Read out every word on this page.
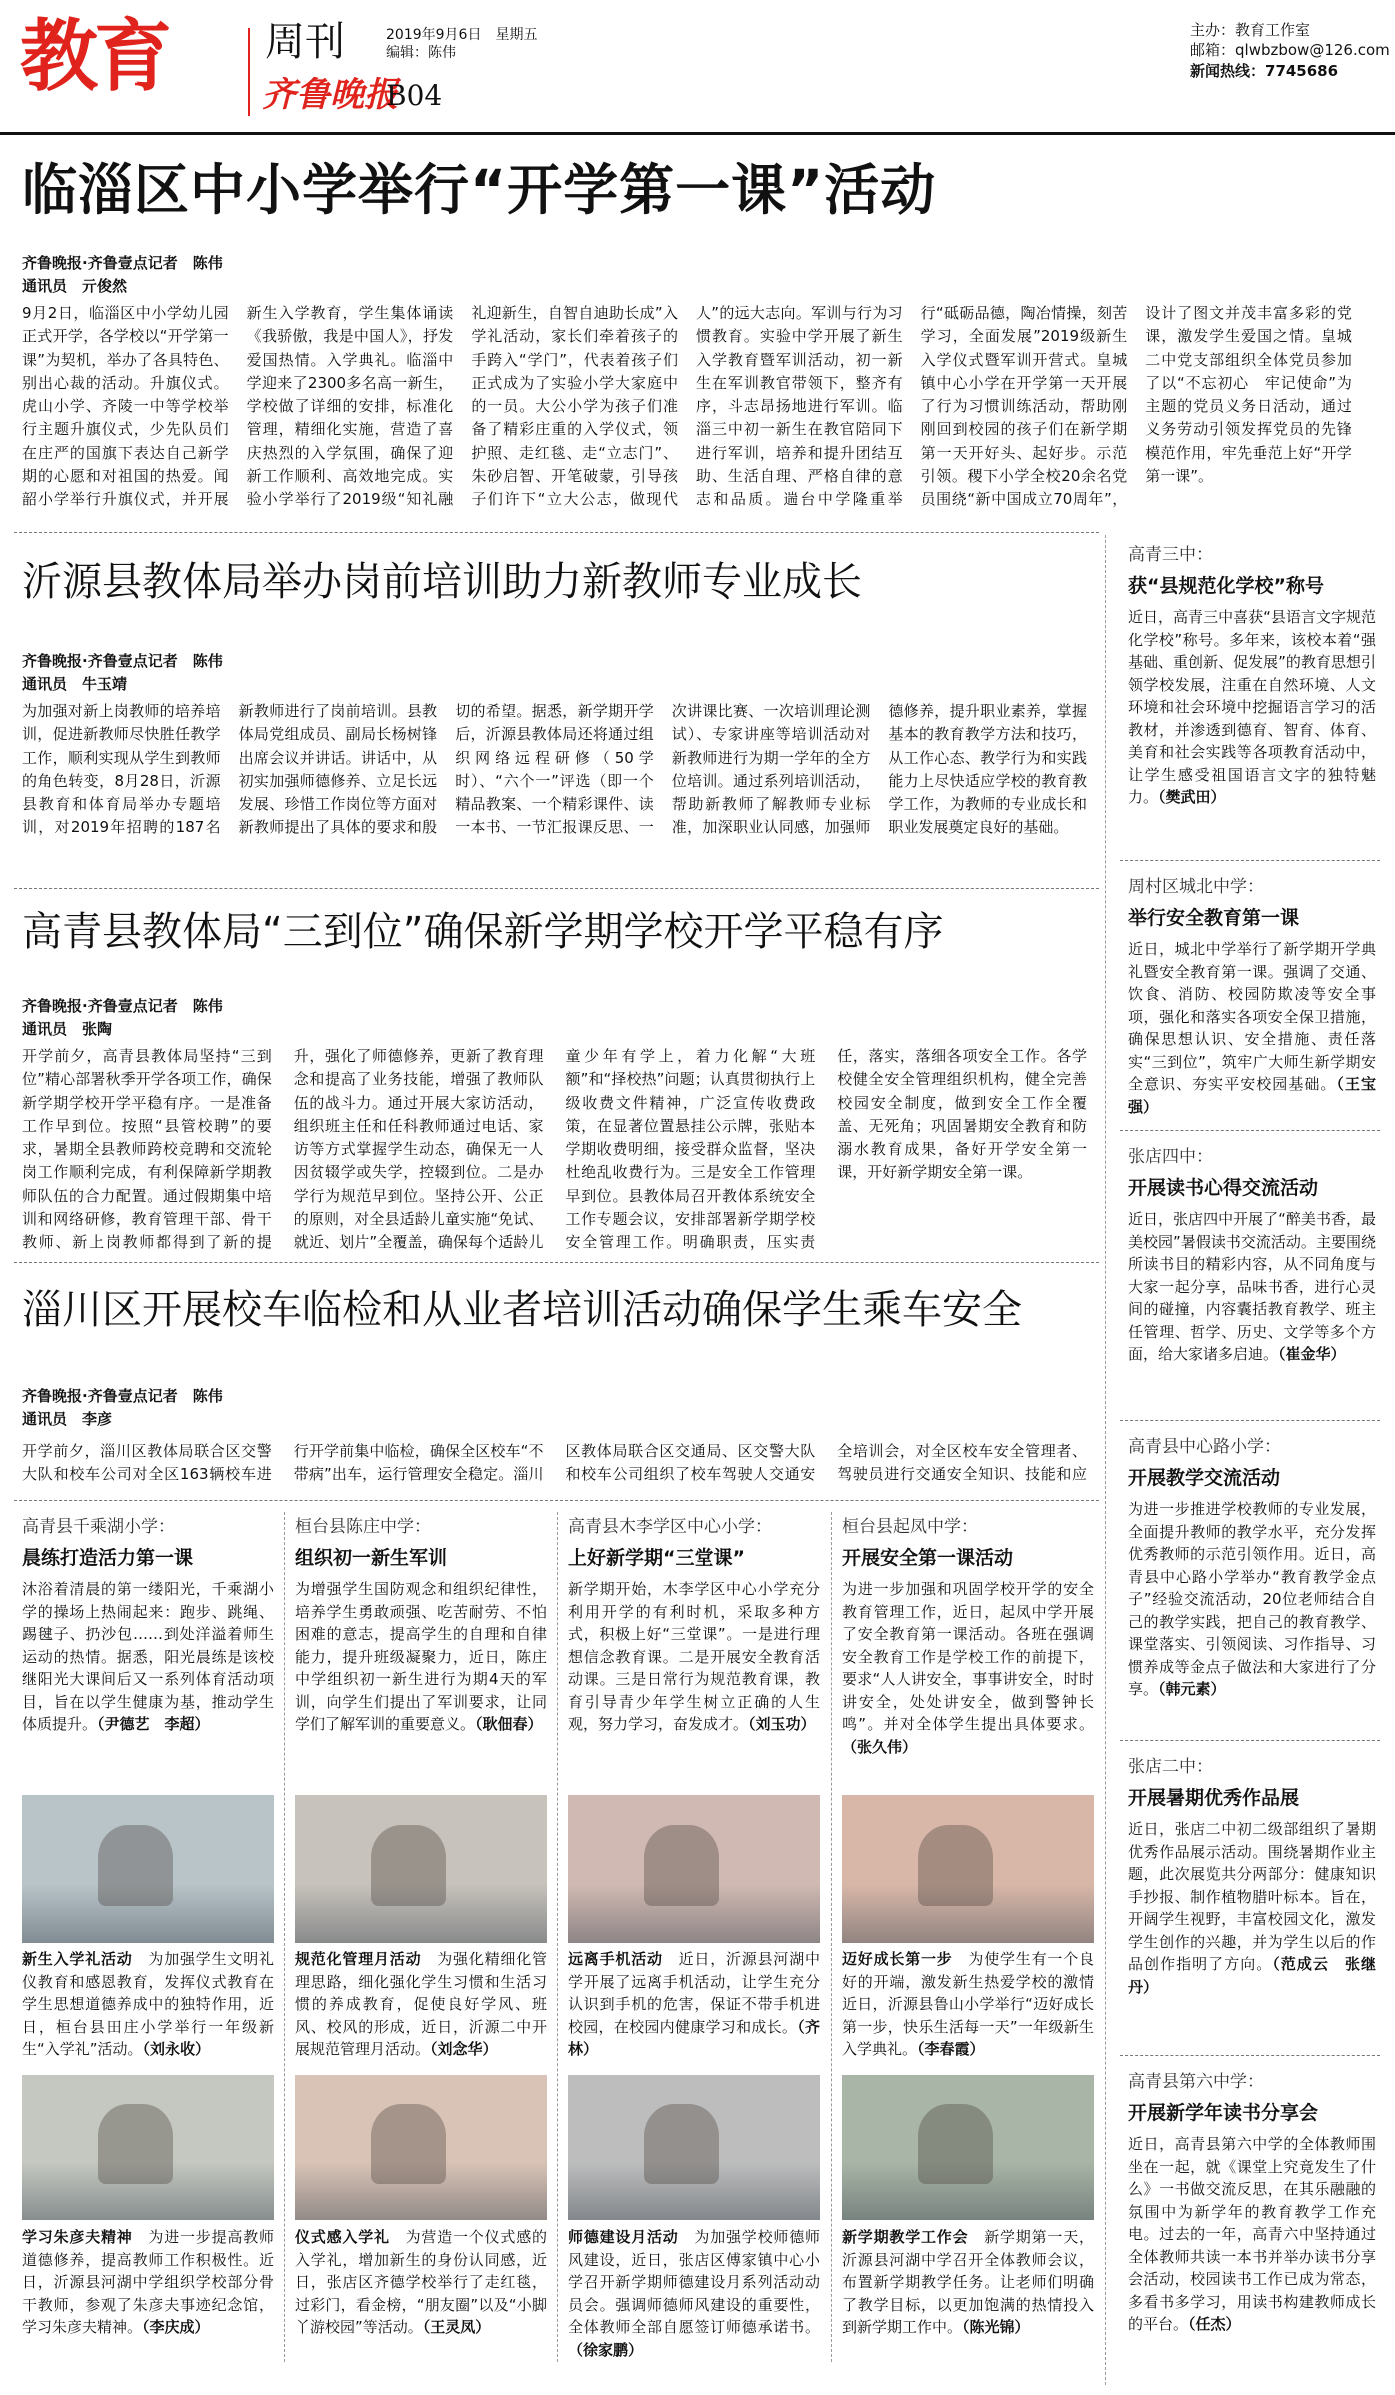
教育 周刊	2019年9月6日　星期五
编辑：陈伟
齐鲁晚报
B04
主办：教育工作室
邮箱：qlwbzbow@126.com
新闻热线：7745686
临淄区中小学举行“开学第一课”活动
齐鲁晚报·齐鲁壹点记者　陈伟
通讯员　亓俊然
9月2日，临淄区中小学幼儿园正式开学，各学校以“开学第一课”为契机，举办了各具特色、别出心裁的活动。升旗仪式。虎山小学、齐陵一中等学校举行主题升旗仪式，少先队员们在庄严的国旗下表达自己新学期的心愿和对祖国的热爱。闻韶小学举行升旗仪式，并开展新生入学教育，学生集体诵读《我骄傲，我是中国人》，抒发爱国热情。入学典礼。临淄中学迎来了2300多名高一新生，学校做了详细的安排，标准化管理，精细化实施，营造了喜庆热烈的入学氛围，确保了迎新工作顺利、高效地完成。实验小学举行了2019级“知礼融礼迎新生，自智自迪助长成”入学礼活动，家长们牵着孩子的手跨入“学门”，代表着孩子们正式成为了实验小学大家庭中的一员。大公小学为孩子们准备了精彩庄重的入学仪式，领护照、走红毯、走“立志门”、朱砂启智、开笔破蒙，引导孩子们许下“立大公志，做现代人”的远大志向。军训与行为习惯教育。实验中学开展了新生入学教育暨军训活动，初一新生在军训教官带领下，整齐有序，斗志昂扬地进行军训。临淄三中初一新生在教官陪同下进行军训，培养和提升团结互助、生活自理、严格自律的意志和品质。遄台中学隆重举行“砥砺品德，陶冶情操，刻苦学习，全面发展”2019级新生入学仪式暨军训开营式。皇城镇中心小学在开学第一天开展了行为习惯训练活动，帮助刚刚回到校园的孩子们在新学期第一天开好头、起好步。示范引领。稷下小学全校20余名党员围绕“新中国成立70周年”，设计了图文并茂丰富多彩的党课，激发学生爱国之情。皇城二中党支部组织全体党员参加了以“不忘初心　牢记使命”为主题的党员义务日活动，通过义务劳动引领发挥党员的先锋模范作用，牢先垂范上好“开学第一课”。
沂源县教体局举办岗前培训助力新教师专业成长
齐鲁晚报·齐鲁壹点记者　陈伟
通讯员　牛玉靖
为加强对新上岗教师的培养培训，促进新教师尽快胜任教学工作，顺利实现从学生到教师的角色转变，8月28日，沂源县教育和体育局举办专题培训，对2019年招聘的187名新教师进行了岗前培训。县教体局党组成员、副局长杨树锋出席会议并讲话。讲话中，从初实加强师德修养、立足长远发展、珍惜工作岗位等方面对新教师提出了具体的要求和殷切的希望。据悉，新学期开学后，沂源县教体局还将通过组织网络远程研修（50学时）、“六个一”评选（即一个精品教案、一个精彩课件、读一本书、一节汇报课反思、一次讲课比赛、一次培训理论测试）、专家讲座等培训活动对新教师进行为期一学年的全方位培训。通过系列培训活动，帮助新教师了解教师专业标准，加深职业认同感，加强师德修养，提升职业素养，掌握基本的教育教学方法和技巧，从工作心态、教学行为和实践能力上尽快适应学校的教育教学工作，为教师的专业成长和职业发展奠定良好的基础。
高青县教体局“三到位”确保新学期学校开学平稳有序
齐鲁晚报·齐鲁壹点记者　陈伟
通讯员　张陶
开学前夕，高青县教体局坚持“三到位”精心部署秋季开学各项工作，确保新学期学校开学平稳有序。一是准备工作早到位。按照“县管校聘”的要求，暑期全县教师跨校竞聘和交流轮岗工作顺利完成，有利保障新学期教师队伍的合力配置。通过假期集中培训和网络研修，教育管理干部、骨干教师、新上岗教师都得到了新的提升，强化了师德修养，更新了教育理念和提高了业务技能，增强了教师队伍的战斗力。通过开展大家访活动，组织班主任和任科教师通过电话、家访等方式掌握学生动态，确保无一人因贫辍学或失学，控辍到位。二是办学行为规范早到位。坚持公开、公正的原则，对全县适龄儿童实施“免试、就近、划片”全覆盖，确保每个适龄儿童少年有学上，着力化解“大班额”和“择校热”问题；认真贯彻执行上级收费文件精神，广泛宣传收费政策，在显著位置悬挂公示牌，张贴本学期收费明细，接受群众监督，坚决杜绝乱收费行为。三是安全工作管理早到位。县教体局召开教体系统安全工作专题会议，安排部署新学期学校安全管理工作。明确职责，压实责任，落实，落细各项安全工作。各学校健全安全管理组织机构，健全完善校园安全制度，做到安全工作全覆盖、无死角；巩固暑期安全教育和防溺水教育成果，备好开学安全第一课，开好新学期安全第一课。
淄川区开展校车临检和从业者培训活动确保学生乘车安全
齐鲁晚报·齐鲁壹点记者　陈伟
通讯员　李彦
开学前夕，淄川区教体局联合区交警大队和校车公司对全区163辆校车进行开学前集中临检，确保全区校车“不带病”出车，运行管理安全稳定。淄川区教体局联合区交通局、区交警大队和校车公司组织了校车驾驶人交通安全培训会，对全区校车安全管理者、驾驶员进行交通安全知识、技能和应
高青县千乘湖小学：
晨练打造活力第一课
沐浴着清晨的第一缕阳光，千乘湖小学的操场上热闹起来：跑步、跳绳、踢毽子、扔沙包……到处洋溢着师生运动的热情。据悉，阳光晨练是该校继阳光大课间后又一系列体育活动项目，旨在以学生健康为基，推动学生体质提升。（尹德艺　李超）
桓台县陈庄中学：
组织初一新生军训
为增强学生国防观念和组织纪律性，培养学生勇敢顽强、吃苦耐劳、不怕困难的意志，提高学生的自理和自律能力，提升班级凝聚力，近日，陈庄中学组织初一新生进行为期4天的军训，向学生们提出了军训要求，让同学们了解军训的重要意义。（耿佃春）
高青县木李学区中心小学：
上好新学期“三堂课”
新学期开始，木李学区中心小学充分利用开学的有利时机，采取多种方式，积极上好“三堂课”。一是进行理想信念教育课。二是开展安全教育活动课。三是日常行为规范教育课，教育引导青少年学生树立正确的人生观，努力学习，奋发成才。（刘玉功）
桓台县起凤中学：
开展安全第一课活动
为进一步加强和巩固学校开学的安全教育管理工作，近日，起凤中学开展了安全教育第一课活动。各班在强调安全教育工作是学校工作的前提下，要求“人人讲安全，事事讲安全，时时讲安全，处处讲安全，做到警钟长鸣”。并对全体学生提出具体要求。（张久伟）
新生入学礼活动　 为加强学生文明礼仪教育和感恩教育，发挥仪式教育在学生思想道德养成中的独特作用，近日，桓台县田庄小学举行一年级新生“入学礼”活动。（刘永收）
规范化管理月活动　 为强化精细化管理思路，细化强化学生习惯和生活习惯的养成教育，促使良好学风、班风、校风的形成，近日，沂源二中开展规范管理月活动。（刘念华）
远离手机活动　 近日，沂源县河湖中学开展了远离手机活动，让学生充分认识到手机的危害，保证不带手机进校园，在校园内健康学习和成长。（齐林）
迈好成长第一步　 为使学生有一个良好的开端，激发新生热爱学校的激情近日，沂源县鲁山小学举行“迈好成长第一步，快乐生活每一天”一年级新生入学典礼。（李春霞）
学习朱彦夫精神　 为进一步提高教师道德修养，提高教师工作积极性。近日，沂源县河湖中学组织学校部分骨干教师，参观了朱彦夫事迹纪念馆，学习朱彦夫精神。（李庆成）
仪式感入学礼　 为营造一个仪式感的入学礼，增加新生的身份认同感，近日，张店区齐德学校举行了走红毯，过彩门，看金榜，“朋友圈”以及“小脚丫游校园”等活动。（王灵凤）
师德建设月活动　 为加强学校师德师风建设，近日，张店区傅家镇中心小学召开新学期师德建设月系列活动动员会。强调师德师风建设的重要性，全体教师全部自愿签订师德承诺书。（徐家鹏）
新学期教学工作会　 新学期第一天，沂源县河湖中学召开全体教师会议，布置新学期教学任务。让老师们明确了教学目标，以更加饱满的热情投入到新学期工作中。（陈光锦）
高青三中：
获“县规范化学校”称号
近日，高青三中喜获“县语言文字规范化学校”称号。多年来，该校本着“强基础、重创新、促发展”的教育思想引领学校发展，注重在自然环境、人文环境和社会环境中挖掘语言学习的活教材，并渗透到德育、智育、体育、美育和社会实践等各项教育活动中，让学生感受祖国语言文字的独特魅力。（樊武田）
周村区城北中学：
举行安全教育第一课
近日，城北中学举行了新学期开学典礼暨安全教育第一课。强调了交通、饮食、消防、校园防欺凌等安全事项，强化和落实各项安全保卫措施，确保思想认识、安全措施、责任落实“三到位”，筑牢广大师生新学期安全意识、夯实平安校园基础。（王宝强）
张店四中：
开展读书心得交流活动
近日，张店四中开展了“醉美书香，最美校园”暑假读书交流活动。主要围绕所读书目的精彩内容，从不同角度与大家一起分享，品味书香，进行心灵间的碰撞，内容囊括教育教学、班主任管理、哲学、历史、文学等多个方面，给大家诸多启迪。（崔金华）
高青县中心路小学：
开展教学交流活动
为进一步推进学校教师的专业发展，全面提升教师的教学水平，充分发挥优秀教师的示范引领作用。近日，高青县中心路小学举办“教育教学金点子”经验交流活动，20位老师结合自己的教学实践，把自己的教育教学、课堂落实、引领阅读、习作指导、习惯养成等金点子做法和大家进行了分享。（韩元素）
张店二中：
开展暑期优秀作品展
近日，张店二中初二级部组织了暑期优秀作品展示活动。围绕暑期作业主题，此次展览共分两部分：健康知识手抄报、制作植物腊叶标本。旨在，开阔学生视野，丰富校园文化，激发学生创作的兴趣，并为学生以后的作品创作指明了方向。（范成云　张继丹）
高青县第六中学：
开展新学年读书分享会
近日，高青县第六中学的全体教师围坐在一起，就《课堂上究竟发生了什么》一书做交流反思，在其乐融融的氛围中为新学年的教育教学工作充电。过去的一年，高青六中坚持通过全体教师共读一本书并举办读书分享会活动，校园读书工作已成为常态，多看书多学习，用读书构建教师成长的平台。（任杰）
